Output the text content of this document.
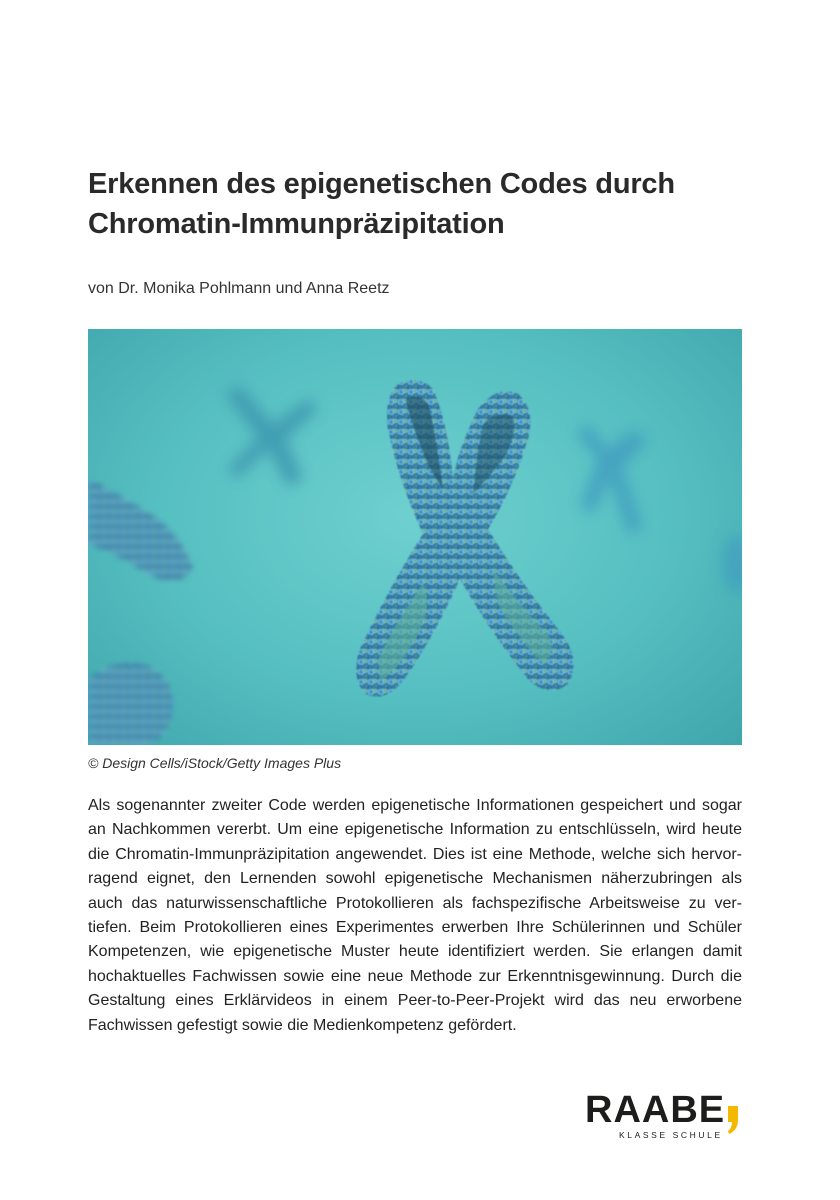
Erkennen des epigenetischen Codes durch Chromatin-Immunpräzipitation
von Dr. Monika Pohlmann und Anna Reetz
© Design Cells/iStock/Getty Images Plus

Als sogenannter zweiter Code werden epigenetische Informationen gespeichert und sogar an Nachkommen vererbt. Um eine epigenetische Information zu entschlüsseln, wird heute die Chromatin-Immunpräzipitation angewendet. Dies ist eine Methode, welche sich hervorragend eignet, den Lernenden sowohl epigenetische Mechanismen näherzubringen als auch das naturwissenschaftliche Protokollieren als fachspezifische Arbeitsweise zu vertiefen. Beim Protokollieren eines Experimentes erwerben Ihre Schülerinnen und Schüler Kompetenzen, wie epigenetische Muster heute identifiziert werden. Sie erlangen damit hochaktuelles Fachwissen sowie eine neue Methode zur Erkenntnisgewinnung. Durch die Gestaltung eines Erklärvideos in einem Peer-to-Peer-Projekt wird das neu erworbene Fachwissen gefestigt sowie die Medienkompetenz gefördert.

RAABE
KLASSE SCHULE
